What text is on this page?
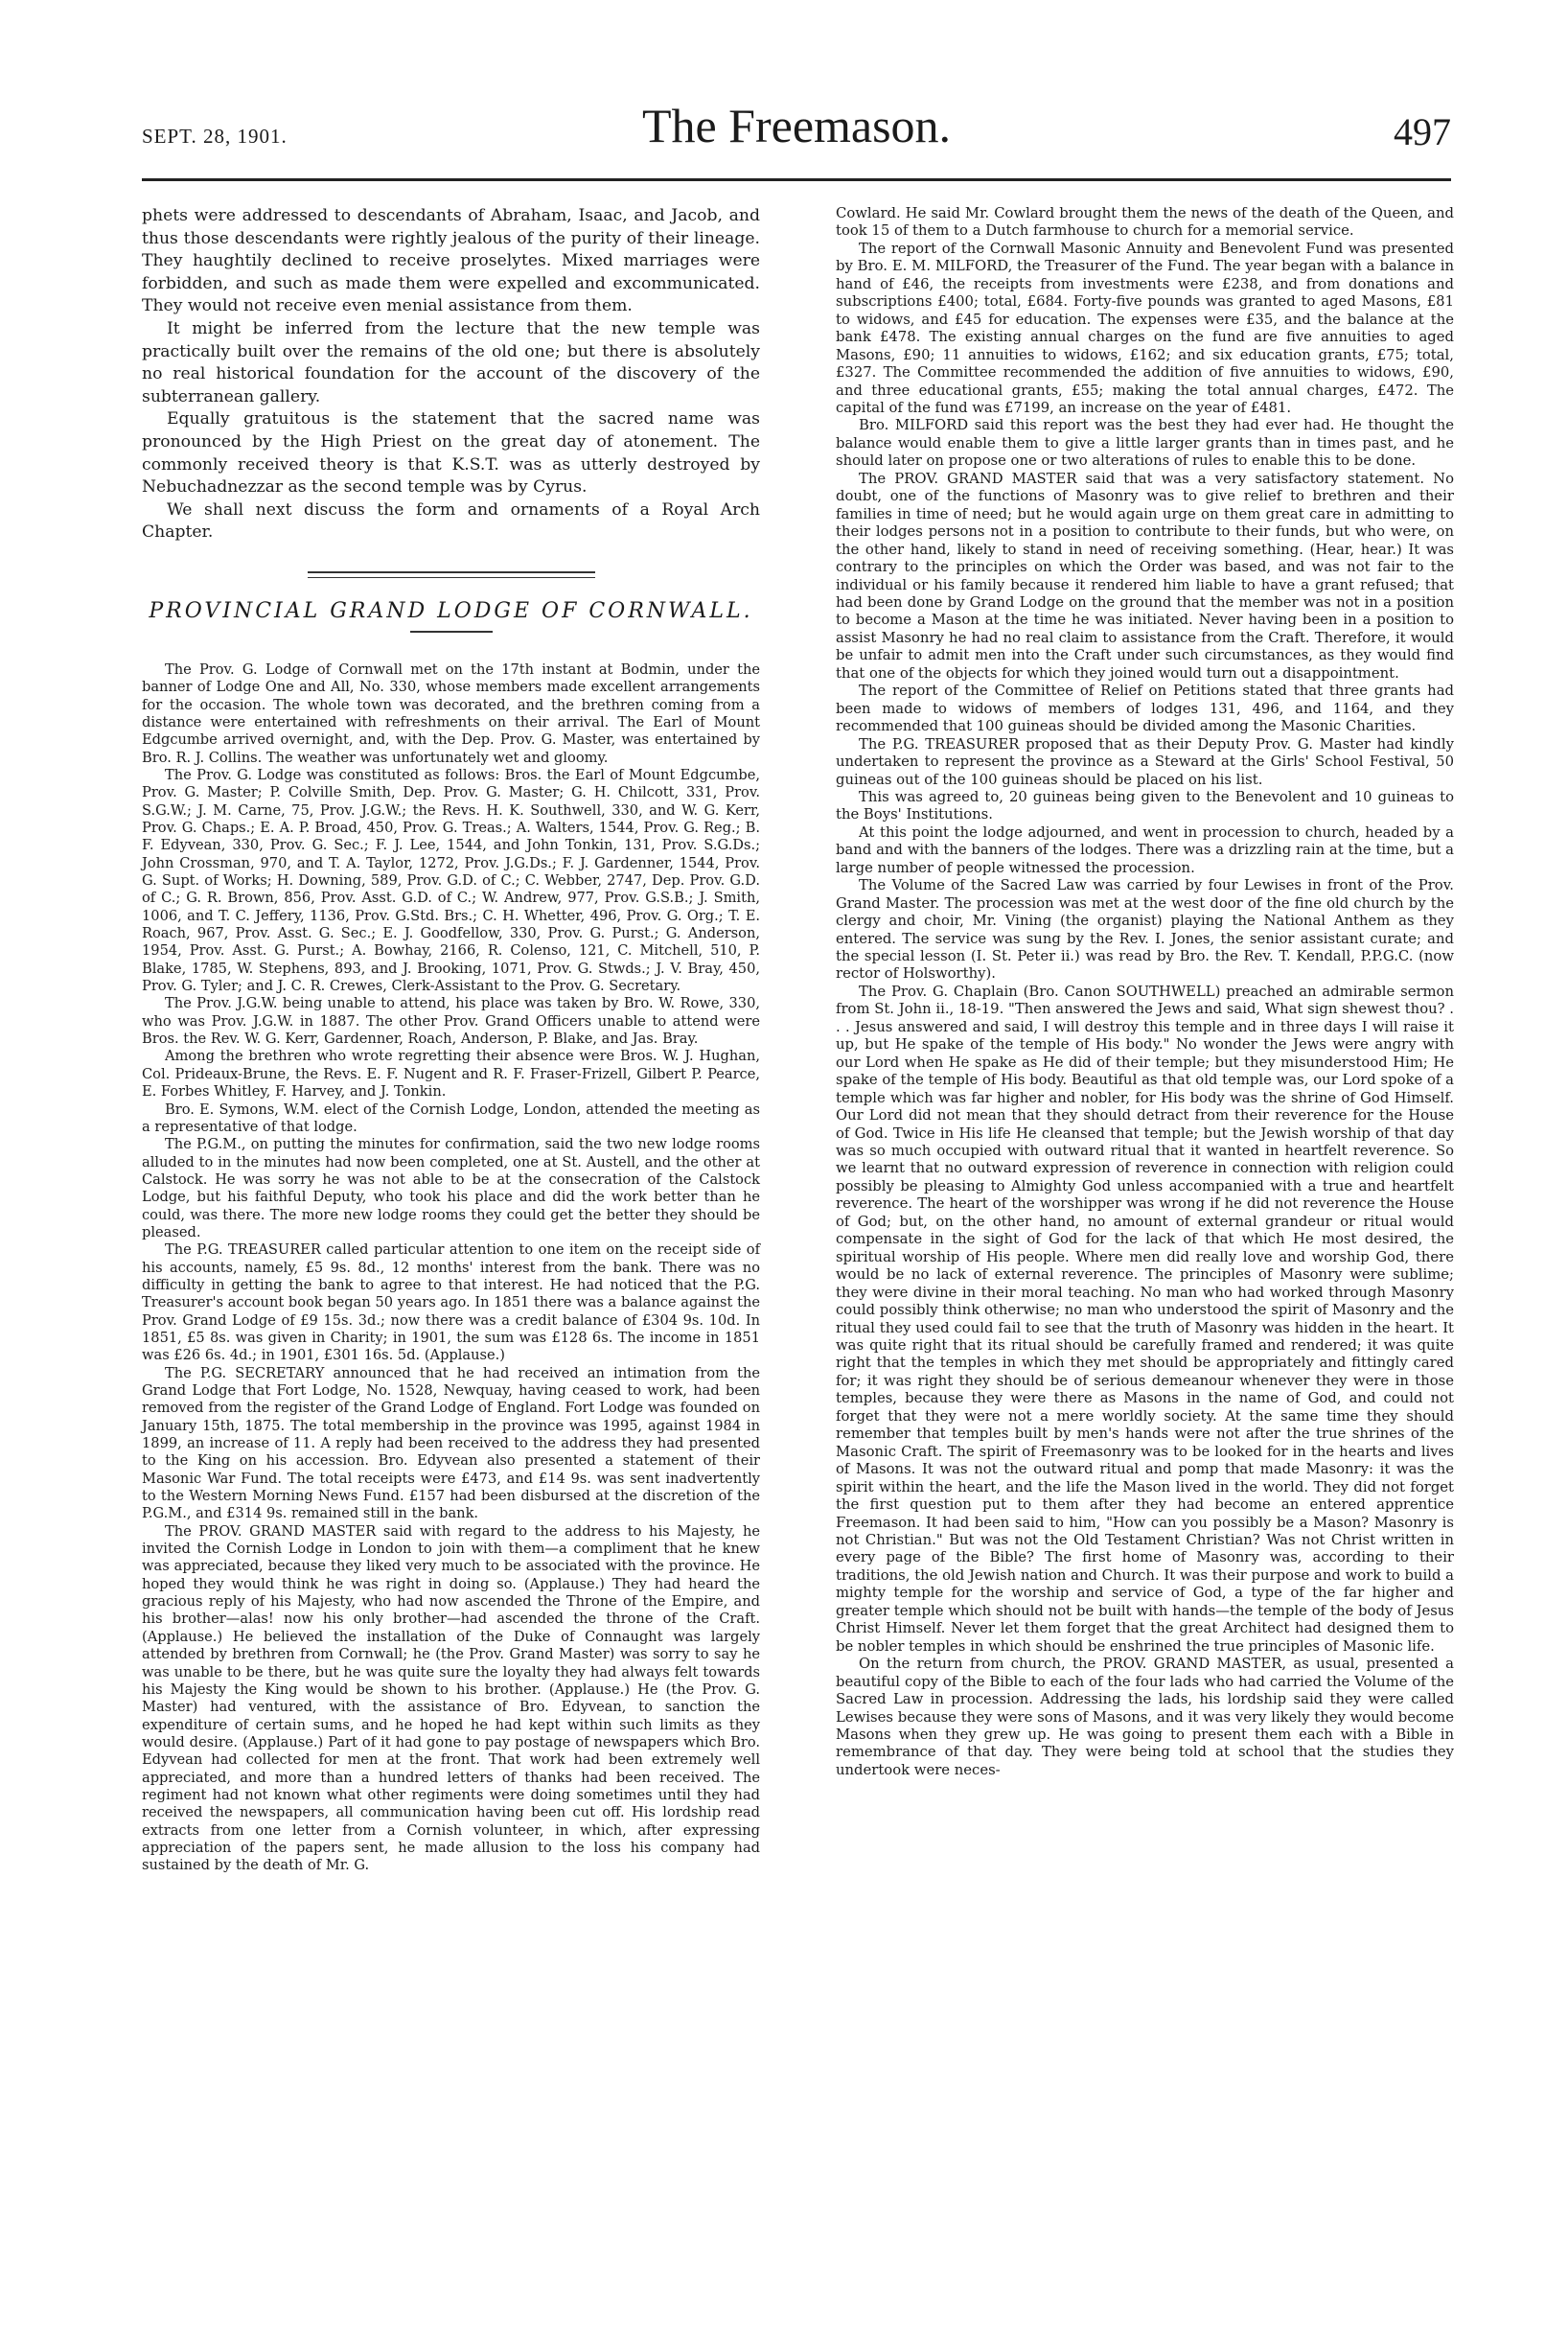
SEPT. 28, 1901.	The Freemason.	497

phets were addressed to descendants of Abraham, Isaac, and Jacob, and thus those descendants were rightly jealous of the purity of their lineage. They haughtily declined to receive proselytes. Mixed marriages were forbidden, and such as made them were expelled and excommunicated. They would not receive even menial assistance from them.

It might be inferred from the lecture that the new temple was practically built over the remains of the old one; but there is absolutely no real historical foundation for the account of the discovery of the subterranean gallery.

Equally gratuitous is the statement that the sacred name was pronounced by the High Priest on the great day of atonement. The commonly received theory is that K.S.T. was as utterly destroyed by Nebuchadnezzar as the second temple was by Cyrus.

We shall next discuss the form and ornaments of a Royal Arch Chapter.

PROVINCIAL GRAND LODGE OF CORNWALL.

The Prov. G. Lodge of Cornwall met on the 17th instant at Bodmin, under the banner of Lodge One and All, No. 330, whose members made excellent arrangements for the occasion. The whole town was decorated, and the brethren coming from a distance were entertained with refreshments on their arrival. The Earl of Mount Edgcumbe arrived overnight, and, with the Dep. Prov. G. Master, was entertained by Bro. R. J. Collins. The weather was unfortunately wet and gloomy.

The Prov. G. Lodge was constituted as follows: Bros. the Earl of Mount Edgcumbe, Prov. G. Master; P. Colville Smith, Dep. Prov. G. Master; G. H. Chilcott, 331, Prov. S.G.W.; J. M. Carne, 75, Prov. J.G.W.; the Revs. H. K. Southwell, 330, and W. G. Kerr, Prov. G. Chaps.; E. A. P. Broad, 450, Prov. G. Treas.; A. Walters, 1544, Prov. G. Reg.; B. F. Edyvean, 330, Prov. G. Sec.; F. J. Lee, 1544, and John Tonkin, 131, Prov. S.G.Ds.; John Crossman, 970, and T. A. Taylor, 1272, Prov. J.G.Ds.; F. J. Gardenner, 1544, Prov. G. Supt. of Works; H. Downing, 589, Prov. G.D. of C.; C. Webber, 2747, Dep. Prov. G.D. of C.; G. R. Brown, 856, Prov. Asst. G.D. of C.; W. Andrew, 977, Prov. G.S.B.; J. Smith, 1006, and T. C. Jeffery, 1136, Prov. G.Std. Brs.; C. H. Whetter, 496, Prov. G. Org.; T. E. Roach, 967, Prov. Asst. G. Sec.; E. J. Goodfellow, 330, Prov. G. Purst.; G. Anderson, 1954, Prov. Asst. G. Purst.; A. Bowhay, 2166, R. Colenso, 121, C. Mitchell, 510, P. Blake, 1785, W. Stephens, 893, and J. Brooking, 1071, Prov. G. Stwds.; J. V. Bray, 450, Prov. G. Tyler; and J. C. R. Crewes, Clerk-Assistant to the Prov. G. Secretary.

The Prov. J.G.W. being unable to attend, his place was taken by Bro. W. Rowe, 330, who was Prov. J.G.W. in 1887. The other Prov. Grand Officers unable to attend were Bros. the Rev. W. G. Kerr, Gardenner, Roach, Anderson, P. Blake, and Jas. Bray.

Among the brethren who wrote regretting their absence were Bros. W. J. Hughan, Col. Prideaux-Brune, the Revs. E. F. Nugent and R. F. Fraser-Frizell, Gilbert P. Pearce, E. Forbes Whitley, F. Harvey, and J. Tonkin.

Bro. E. Symons, W.M. elect of the Cornish Lodge, London, attended the meeting as a representative of that lodge.

The P.G.M., on putting the minutes for confirmation, said the two new lodge rooms alluded to in the minutes had now been completed, one at St. Austell, and the other at Calstock. He was sorry he was not able to be at the consecration of the Calstock Lodge, but his faithful Deputy, who took his place and did the work better than he could, was there. The more new lodge rooms they could get the better they should be pleased.

The P.G. TREASURER called particular attention to one item on the receipt side of his accounts, namely, £5 9s. 8d., 12 months' interest from the bank. There was no difficulty in getting the bank to agree to that interest. He had noticed that the P.G. Treasurer's account book began 50 years ago. In 1851 there was a balance against the Prov. Grand Lodge of £9 15s. 3d.; now there was a credit balance of £304 9s. 10d. In 1851, £5 8s. was given in Charity; in 1901, the sum was £128 6s. The income in 1851 was £26 6s. 4d.; in 1901, £301 16s. 5d. (Applause.)

The P.G. SECRETARY announced that he had received an intimation from the Grand Lodge that Fort Lodge, No. 1528, Newquay, having ceased to work, had been removed from the register of the Grand Lodge of England. Fort Lodge was founded on January 15th, 1875. The total membership in the province was 1995, against 1984 in 1899, an increase of 11. A reply had been received to the address they had presented to the King on his accession. Bro. Edyvean also presented a statement of their Masonic War Fund. The total receipts were £473, and £14 9s. was sent inadvertently to the Western Morning News Fund. £157 had been disbursed at the discretion of the P.G.M., and £314 9s. remained still in the bank.

The PROV. GRAND MASTER said with regard to the address to his Majesty, he invited the Cornish Lodge in London to join with them—a compliment that he knew was appreciated, because they liked very much to be associated with the province. He hoped they would think he was right in doing so. (Applause.) They had heard the gracious reply of his Majesty, who had now ascended the Throne of the Empire, and his brother—alas! now his only brother—had ascended the throne of the Craft. (Applause.) He believed the installation of the Duke of Connaught was largely attended by brethren from Cornwall; he (the Prov. Grand Master) was sorry to say he was unable to be there, but he was quite sure the loyalty they had always felt towards his Majesty the King would be shown to his brother. (Applause.) He (the Prov. G. Master) had ventured, with the assistance of Bro. Edyvean, to sanction the expenditure of certain sums, and he hoped he had kept within such limits as they would desire. (Applause.) Part of it had gone to pay postage of newspapers which Bro. Edyvean had collected for men at the front. That work had been extremely well appreciated, and more than a hundred letters of thanks had been received. The regiment had not known what other regiments were doing sometimes until they had received the newspapers, all communication having been cut off. His lordship read extracts from one letter from a Cornish volunteer, in which, after expressing appreciation of the papers sent, he made allusion to the loss his company had sustained by the death of Mr. G.

Cowlard. He said Mr. Cowlard brought them the news of the death of the Queen, and took 15 of them to a Dutch farmhouse to church for a memorial service.

The report of the Cornwall Masonic Annuity and Benevolent Fund was presented by Bro. E. M. MILFORD, the Treasurer of the Fund. The year began with a balance in hand of £46, the receipts from investments were £238, and from donations and subscriptions £400; total, £684. Forty-five pounds was granted to aged Masons, £81 to widows, and £45 for education. The expenses were £35, and the balance at the bank £478. The existing annual charges on the fund are five annuities to aged Masons, £90; 11 annuities to widows, £162; and six education grants, £75; total, £327. The Committee recommended the addition of five annuities to widows, £90, and three educational grants, £55; making the total annual charges, £472. The capital of the fund was £7199, an increase on the year of £481.

Bro. MILFORD said this report was the best they had ever had. He thought the balance would enable them to give a little larger grants than in times past, and he should later on propose one or two alterations of rules to enable this to be done.

The PROV. GRAND MASTER said that was a very satisfactory statement. No doubt, one of the functions of Masonry was to give relief to brethren and their families in time of need; but he would again urge on them great care in admitting to their lodges persons not in a position to contribute to their funds, but who were, on the other hand, likely to stand in need of receiving something. (Hear, hear.) It was contrary to the principles on which the Order was based, and was not fair to the individual or his family because it rendered him liable to have a grant refused; that had been done by Grand Lodge on the ground that the member was not in a position to become a Mason at the time he was initiated. Never having been in a position to assist Masonry he had no real claim to assistance from the Craft. Therefore, it would be unfair to admit men into the Craft under such circumstances, as they would find that one of the objects for which they joined would turn out a disappointment.

The report of the Committee of Relief on Petitions stated that three grants had been made to widows of members of lodges 131, 496, and 1164, and they recommended that 100 guineas should be divided among the Masonic Charities.

The P.G. TREASURER proposed that as their Deputy Prov. G. Master had kindly undertaken to represent the province as a Steward at the Girls' School Festival, 50 guineas out of the 100 guineas should be placed on his list.

This was agreed to, 20 guineas being given to the Benevolent and 10 guineas to the Boys' Institutions.

At this point the lodge adjourned, and went in procession to church, headed by a band and with the banners of the lodges. There was a drizzling rain at the time, but a large number of people witnessed the procession.

The Volume of the Sacred Law was carried by four Lewises in front of the Prov. Grand Master. The procession was met at the west door of the fine old church by the clergy and choir, Mr. Vining (the organist) playing the National Anthem as they entered. The service was sung by the Rev. I. Jones, the senior assistant curate; and the special lesson (I. St. Peter ii.) was read by Bro. the Rev. T. Kendall, P.P.G.C. (now rector of Holsworthy).

The Prov. G. Chaplain (Bro. Canon SOUTHWELL) preached an admirable sermon from St. John ii., 18-19. "Then answered the Jews and said, What sign shewest thou? . . . Jesus answered and said, I will destroy this temple and in three days I will raise it up, but He spake of the temple of His body." No wonder the Jews were angry with our Lord when He spake as He did of their temple; but they misunderstood Him; He spake of the temple of His body. Beautiful as that old temple was, our Lord spoke of a temple which was far higher and nobler, for His body was the shrine of God Himself. Our Lord did not mean that they should detract from their reverence for the House of God. Twice in His life He cleansed that temple; but the Jewish worship of that day was so much occupied with outward ritual that it wanted in heartfelt reverence. So we learnt that no outward expression of reverence in connection with religion could possibly be pleasing to Almighty God unless accompanied with a true and heartfelt reverence. The heart of the worshipper was wrong if he did not reverence the House of God; but, on the other hand, no amount of external grandeur or ritual would compensate in the sight of God for the lack of that which He most desired, the spiritual worship of His people. Where men did really love and worship God, there would be no lack of external reverence. The principles of Masonry were sublime; they were divine in their moral teaching. No man who had worked through Masonry could possibly think otherwise; no man who understood the spirit of Masonry and the ritual they used could fail to see that the truth of Masonry was hidden in the heart. It was quite right that its ritual should be carefully framed and rendered; it was quite right that the temples in which they met should be appropriately and fittingly cared for; it was right they should be of serious demeanour whenever they were in those temples, because they were there as Masons in the name of God, and could not forget that they were not a mere worldly society. At the same time they should remember that temples built by men's hands were not after the true shrines of the Masonic Craft. The spirit of Freemasonry was to be looked for in the hearts and lives of Masons. It was not the outward ritual and pomp that made Masonry: it was the spirit within the heart, and the life the Mason lived in the world. They did not forget the first question put to them after they had become an entered apprentice Freemason. It had been said to him, "How can you possibly be a Mason? Masonry is not Christian." But was not the Old Testament Christian? Was not Christ written in every page of the Bible? The first home of Masonry was, according to their traditions, the old Jewish nation and Church. It was their purpose and work to build a mighty temple for the worship and service of God, a type of the far higher and greater temple which should not be built with hands—the temple of the body of Jesus Christ Himself. Never let them forget that the great Architect had designed them to be nobler temples in which should be enshrined the true principles of Masonic life.

On the return from church, the PROV. GRAND MASTER, as usual, presented a beautiful copy of the Bible to each of the four lads who had carried the Volume of the Sacred Law in procession. Addressing the lads, his lordship said they were called Lewises because they were sons of Masons, and it was very likely they would become Masons when they grew up. He was going to present them each with a Bible in remembrance of that day. They were being told at school that the studies they undertook were neces-
